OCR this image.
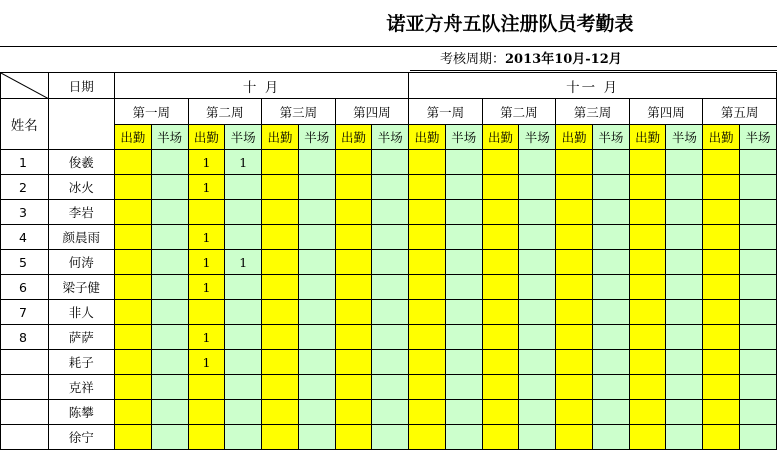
诺亚方舟五队注册队员考勤表
考核周期：2013年10月-12月
	日期	十 月								十一 月									
姓名		第一周		第二周		第三周		第四周		第一周		第二周		第三周		第四周		第五周	
		出勤	半场	出勤	半场	出勤	半场	出勤	半场	出勤	半场	出勤	半场	出勤	半场	出勤	半场	出勤	半场
1	俊羲			1	1														
2	冰火			1															
3	李岩																		
4	颜晨雨			1															
5	何涛			1	1														
6	梁子健			1															
7	非人																		
8	萨萨			1															
	耗子			1															
	克祥																		
	陈攀																		
	徐宁																		
